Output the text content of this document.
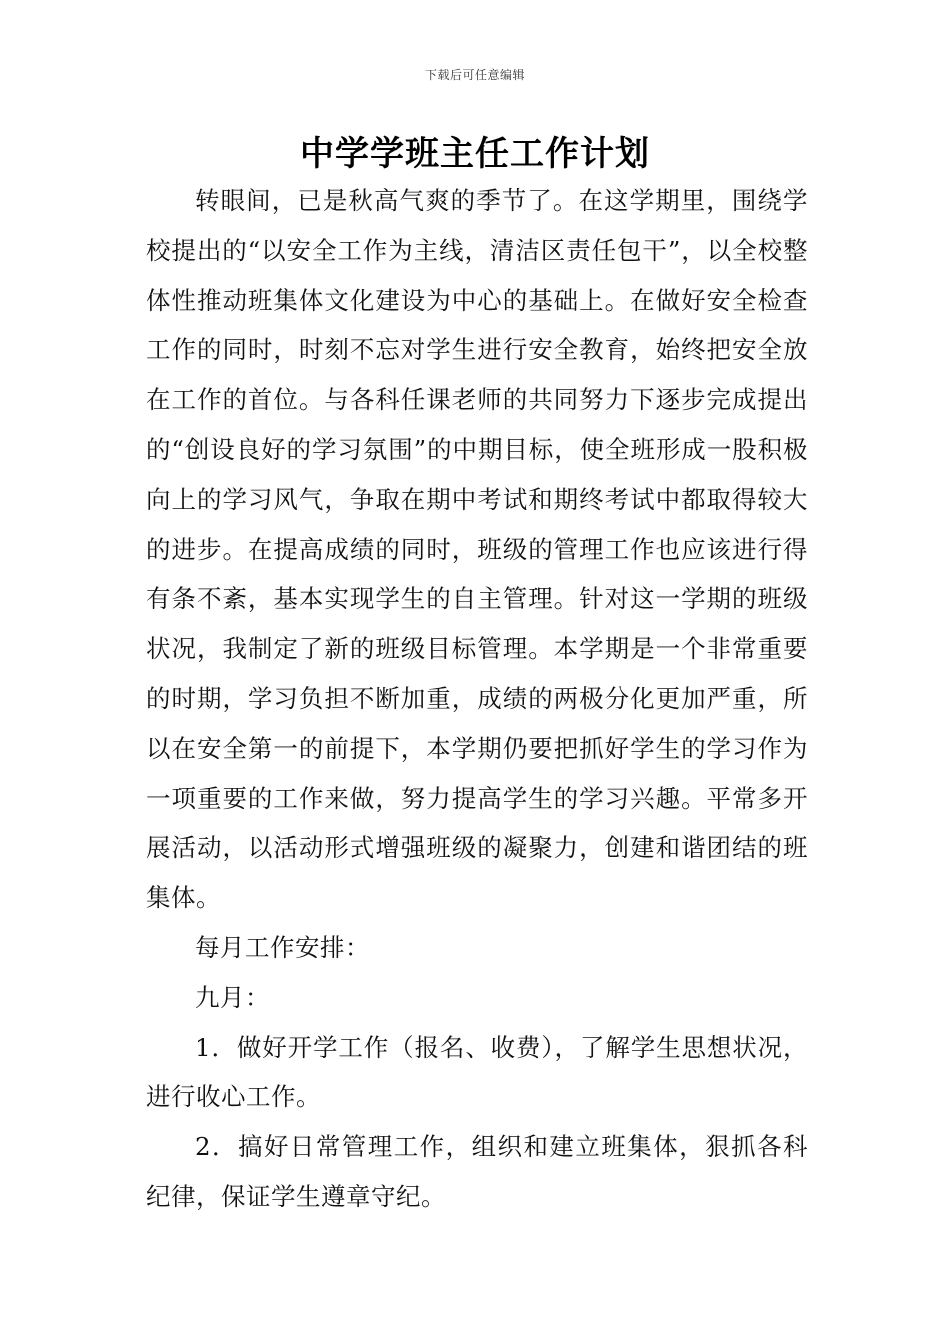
下载后可任意编辑
中学学班主任工作计划

转眼间，已是秋高气爽的季节了。在这学期里，围绕学校提出的“以安全工作为主线，清洁区责任包干”，以全校整体性推动班集体文化建设为中心的基础上。在做好安全检查工作的同时，时刻不忘对学生进行安全教育，始终把安全放在工作的首位。与各科任课老师的共同努力下逐步完成提出的“创设良好的学习氛围”的中期目标，使全班形成一股积极向上的学习风气，争取在期中考试和期终考试中都取得较大的进步。在提高成绩的同时，班级的管理工作也应该进行得有条不紊，基本实现学生的自主管理。针对这一学期的班级状况，我制定了新的班级目标管理。本学期是一个非常重要的时期，学习负担不断加重，成绩的两极分化更加严重，所以在安全第一的前提下，本学期仍要把抓好学生的学习作为一项重要的工作来做，努力提高学生的学习兴趣。平常多开展活动，以活动形式增强班级的凝聚力，创建和谐团结的班集体。

每月工作安排：

九月：

1．做好开学工作（报名、收费），了解学生思想状况，进行收心工作。

2．搞好日常管理工作，组织和建立班集体，狠抓各科纪律，保证学生遵章守纪。
